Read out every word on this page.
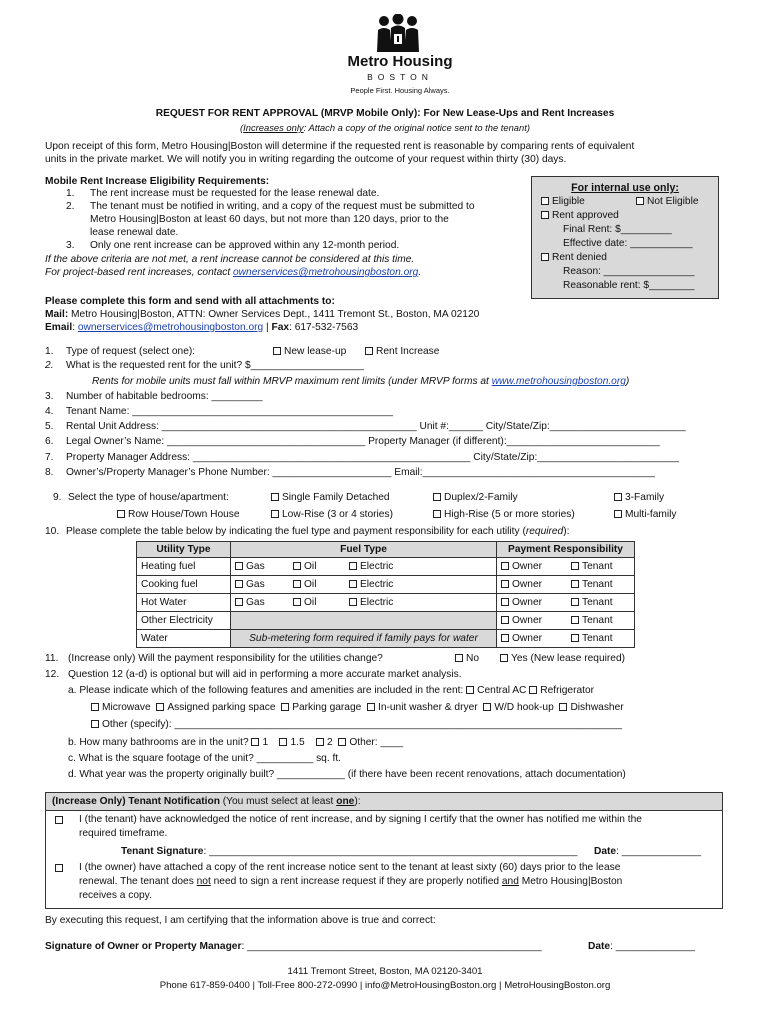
Metro Housing
BOSTON
People First. Housing Always.
REQUEST FOR RENT APPROVAL (MRVP Mobile Only): For New Lease-Ups and Rent Increases
(Increases only: Attach a copy of the original notice sent to the tenant)
Upon receipt of this form, Metro Housing|Boston will determine if the requested rent is reasonable by comparing rents of equivalent
units in the private market. We will notify you in writing regarding the outcome of your request within thirty (30) days.
Mobile Rent Increase Eligibility Requirements:
1. The rent increase must be requested for the lease renewal date.
2. The tenant must be notified in writing, and a copy of the request must be submitted to
Metro Housing|Boston at least 60 days, but not more than 120 days, prior to the
lease renewal date.
3. Only one rent increase can be approved within any 12-month period.
If the above criteria are not met, a rent increase cannot be considered at this time.
For project-based rent increases, contact ownerservices@metrohousingboston.org.
For internal use only:
Eligible	Not Eligible
Rent approved
Final Rent: $_________
Effective date: ___________
Rent denied
Reason: ________________
Reasonable rent: $________
Please complete this form and send with all attachments to:
Mail: Metro Housing|Boston, ATTN: Owner Services Dept., 1411 Tremont St., Boston, MA 02120
Email: ownerservices@metrohousingboston.org | Fax: 617-532-7563
1. Type of request (select one):	New lease-up	Rent Increase
2. What is the requested rent for the unit? $____________________
Rents for mobile units must fall within MRVP maximum rent limits (under MRVP forms at www.metrohousingboston.org)
3. Number of habitable bedrooms: _________
4. Tenant Name: ______________________________________________
5. Rental Unit Address: _____________________________________________ Unit #:______ City/State/Zip:________________________
6. Legal Owner’s Name: ___________________________________ Property Manager (if different):___________________________
7. Property Manager Address: _________________________________________________ City/State/Zip:_________________________
8. Owner’s/Property Manager’s Phone Number: _____________________ Email:_________________________________________
9. Select the type of house/apartment:	Single Family Detached	Duplex/2-Family	3-Family
Row House/Town House	Low-Rise (3 or 4 stories)	High-Rise (5 or more stories)	Multi-family
10. Please complete the table below by indicating the fuel type and payment responsibility for each utility (required):
Utility Type	Fuel Type	Payment Responsibility
Heating fuel	Gas Oil Electric	Owner Tenant
Cooking fuel	Gas Oil Electric	Owner Tenant
Hot Water	Gas Oil Electric	Owner Tenant
Other Electricity		Owner Tenant
Water	Sub-metering form required if family pays for water	Owner Tenant
11. (Increase only) Will the payment responsibility for the utilities change?	No	Yes (New lease required)
12. Question 12 (a-d) is optional but will aid in performing a more accurate market analysis.
a. Please indicate which of the following features and amenities are included in the rent: Central AC Refrigerator
Microwave Assigned parking space Parking garage In-unit washer & dryer W/D hook-up Dishwasher
Other (specify): _______________________________________________________________________________
b. How many bathrooms are in the unit? 1 1.5 2 Other: ____
c. What is the square footage of the unit? __________ sq. ft.
d. What year was the property originally built? ____________ (if there have been recent renovations, attach documentation)
(Increase Only) Tenant Notification (You must select at least one):
I (the tenant) have acknowledged the notice of rent increase, and by signing I certify that the owner has notified me within the
required timeframe.
Tenant Signature: _________________________________________________________________ Date: ______________
I (the owner) have attached a copy of the rent increase notice sent to the tenant at least sixty (60) days prior to the lease
renewal. The tenant does not need to sign a rent increase request if they are properly notified and Metro Housing|Boston
receives a copy.
By executing this request, I am certifying that the information above is true and correct:
Signature of Owner or Property Manager: ____________________________________________________	Date: ______________
1411 Tremont Street, Boston, MA 02120-3401
Phone 617-859-0400 | Toll-Free 800-272-0990 | info@MetroHousingBoston.org | MetroHousingBoston.org
